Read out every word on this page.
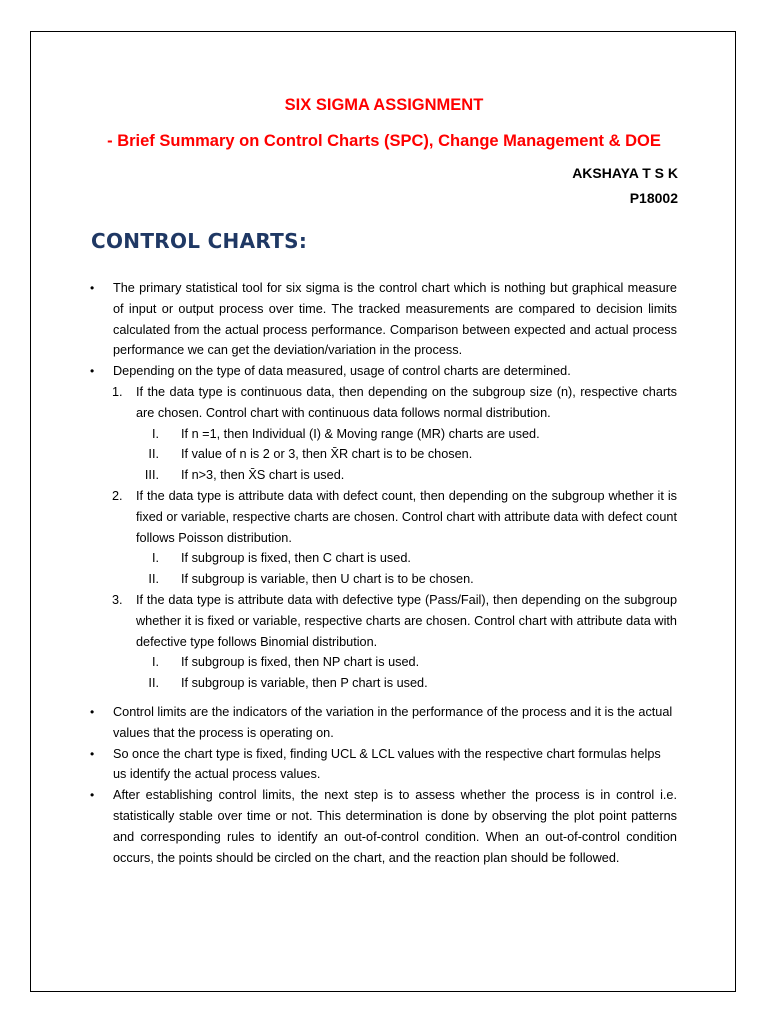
SIX SIGMA ASSIGNMENT
- Brief Summary on Control Charts (SPC), Change Management & DOE
AKSHAYA T S K
P18002
CONTROL CHARTS:
• The primary statistical tool for six sigma is the control chart which is nothing but graphical measure of input or output process over time. The tracked measurements are compared to decision limits calculated from the actual process performance. Comparison between expected and actual process performance we can get the deviation/variation in the process.
• Depending on the type of data measured, usage of control charts are determined.
1. If the data type is continuous data, then depending on the subgroup size (n), respective charts are chosen. Control chart with continuous data follows normal distribution.
I. If n =1, then Individual (I) & Moving range (MR) charts are used.
II. If value of n is 2 or 3, then X̄R chart is to be chosen.
III. If n>3, then X̄S chart is used.
2. If the data type is attribute data with defect count, then depending on the subgroup whether it is fixed or variable, respective charts are chosen. Control chart with attribute data with defect count follows Poisson distribution.
I. If subgroup is fixed, then C chart is used.
II. If subgroup is variable, then U chart is to be chosen.
3. If the data type is attribute data with defective type (Pass/Fail), then depending on the subgroup whether it is fixed or variable, respective charts are chosen. Control chart with attribute data with defective type follows Binomial distribution.
I. If subgroup is fixed, then NP chart is used.
II. If subgroup is variable, then P chart is used.
• Control limits are the indicators of the variation in the performance of the process and it is the actual values that the process is operating on.
• So once the chart type is fixed, finding UCL & LCL values with the respective chart formulas helps us identify the actual process values.
• After establishing control limits, the next step is to assess whether the process is in control i.e. statistically stable over time or not. This determination is done by observing the plot point patterns and corresponding rules to identify an out-of-control condition. When an out-of-control condition occurs, the points should be circled on the chart, and the reaction plan should be followed.
